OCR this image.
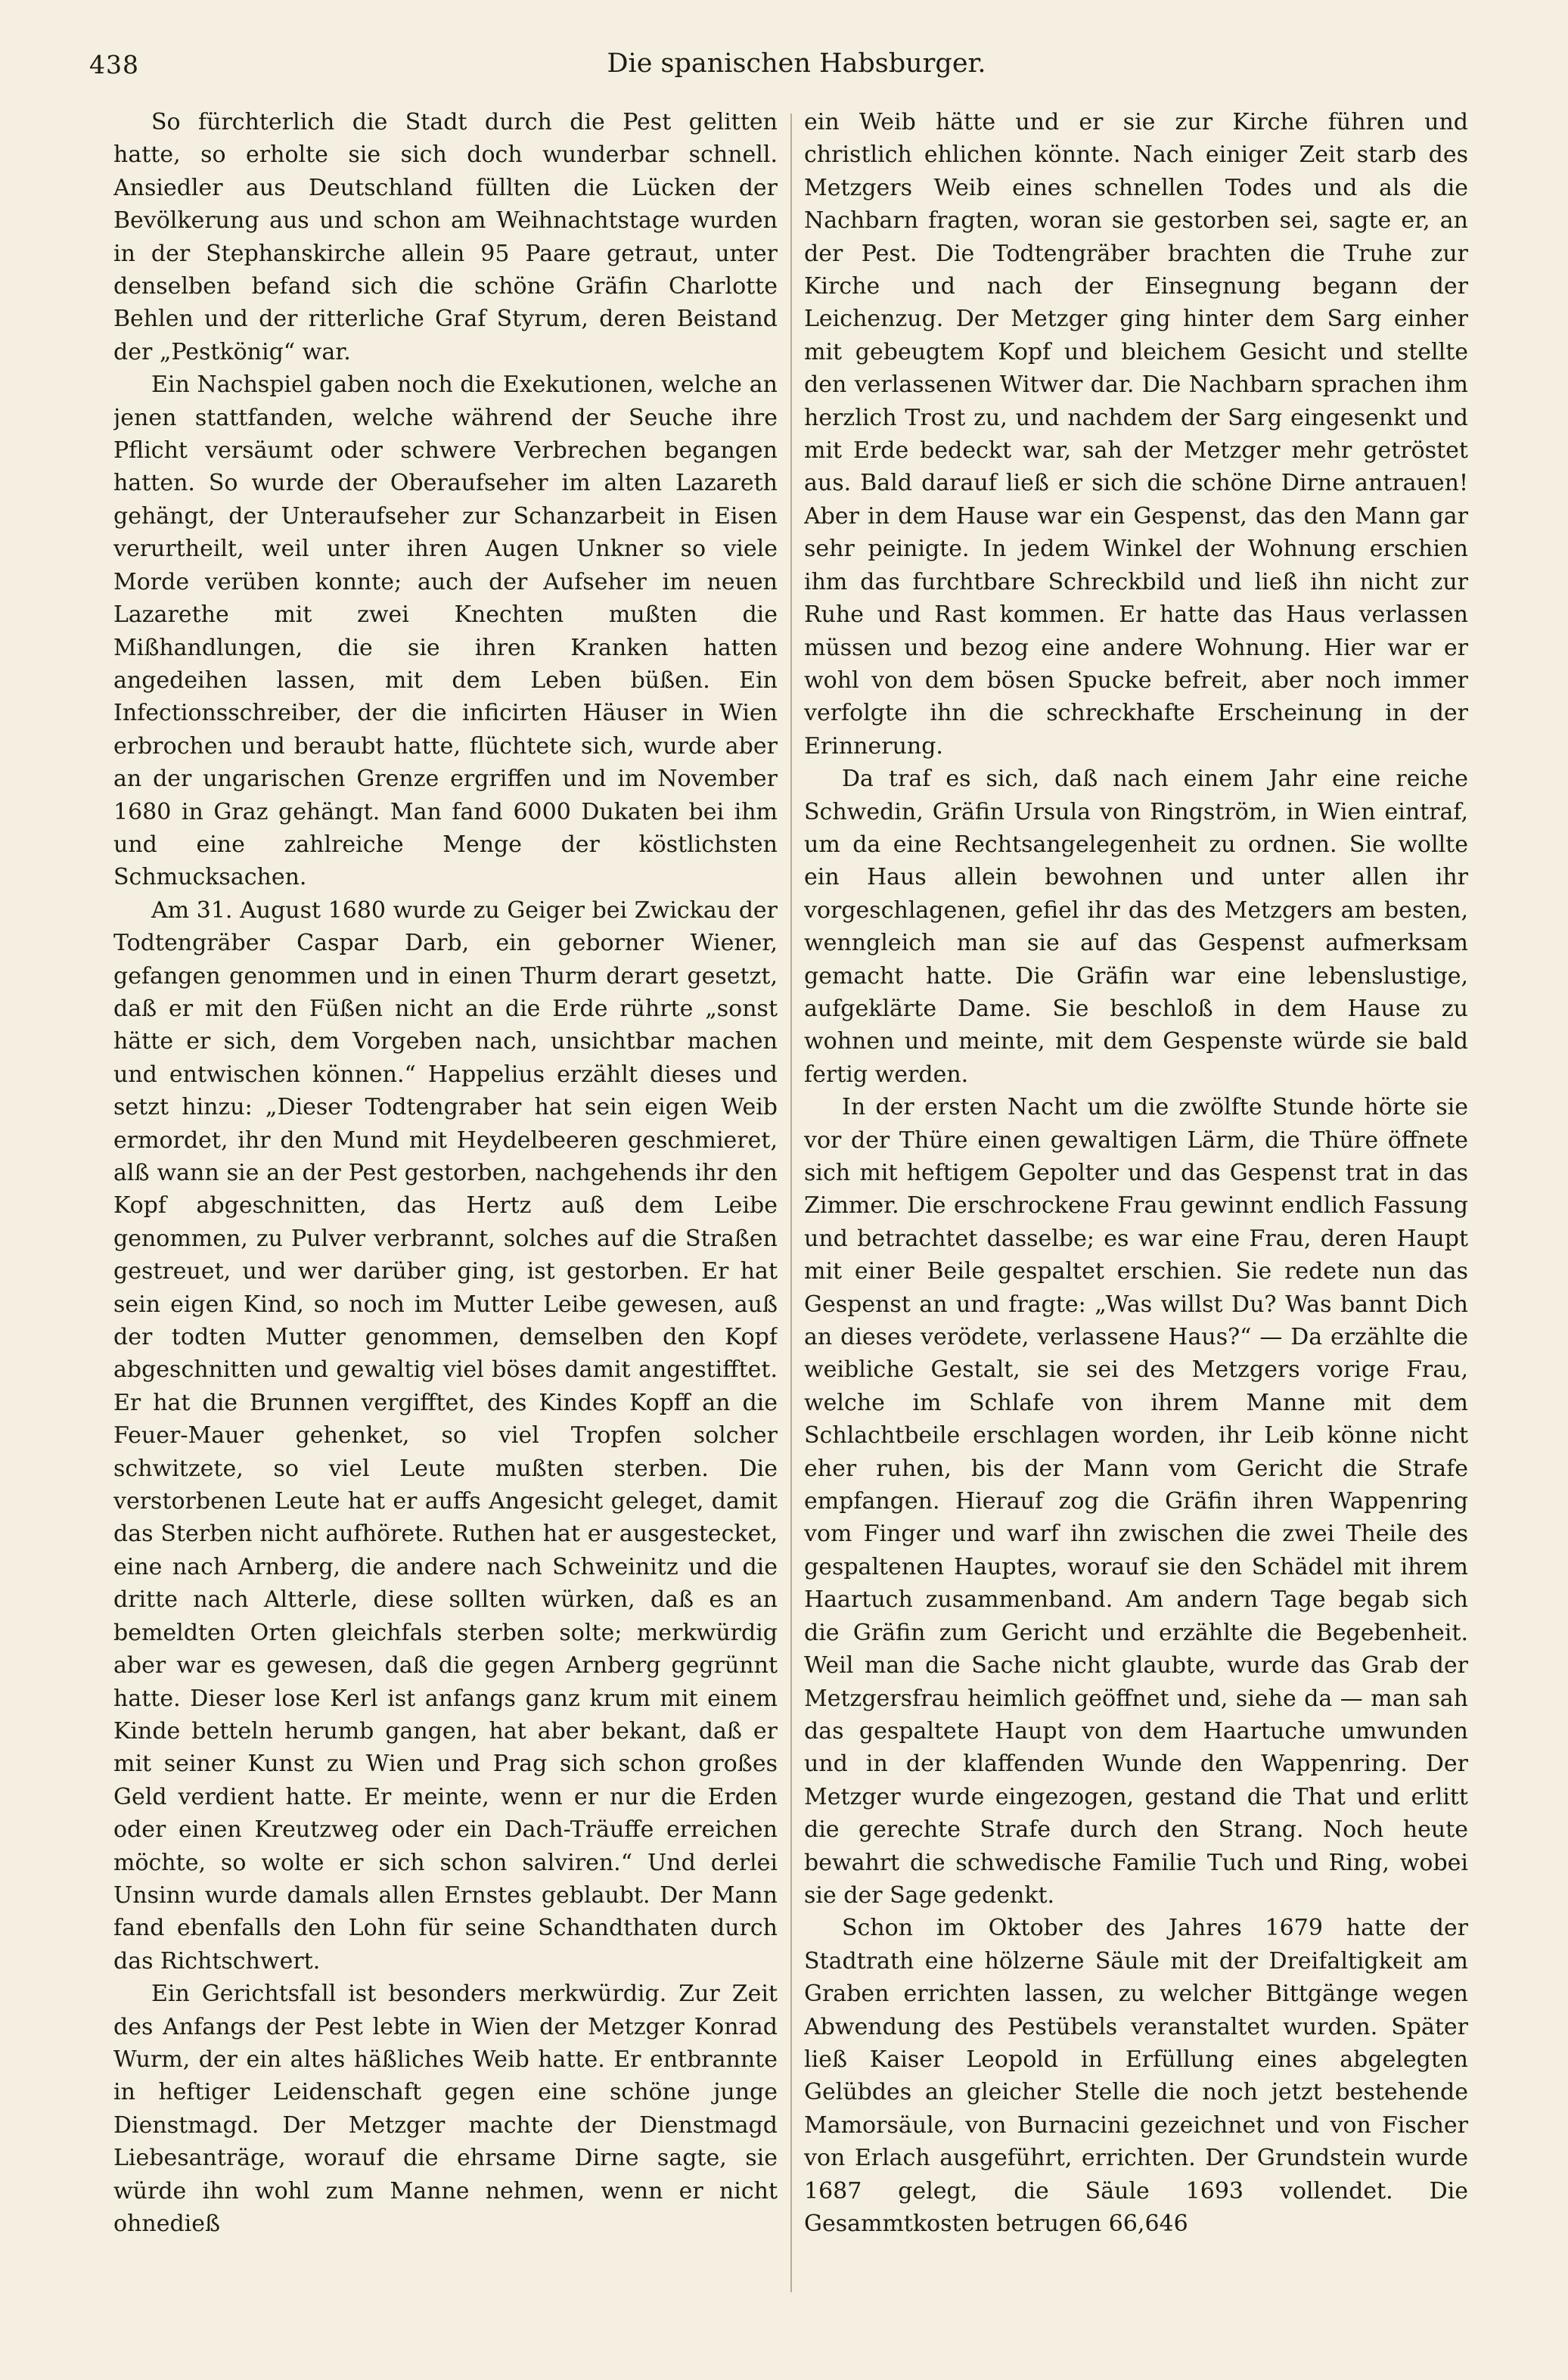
438	Die spanischen Habsburger.

So fürchterlich die Stadt durch die Pest gelitten hatte, so erholte sie sich doch wunderbar schnell. Ansiedler aus Deutschland füllten die Lücken der Bevölkerung aus und schon am Weihnachtstage wurden in der Stephanskirche allein 95 Paare getraut, unter denselben befand sich die schöne Gräfin Charlotte Behlen und der ritterliche Graf Styrum, deren Beistand der „Pestkönig“ war.

Ein Nachspiel gaben noch die Exekutionen, welche an jenen stattfanden, welche während der Seuche ihre Pflicht versäumt oder schwere Verbrechen begangen hatten. So wurde der Oberaufseher im alten Lazareth gehängt, der Unteraufseher zur Schanzarbeit in Eisen verurtheilt, weil unter ihren Augen Unkner so viele Morde verüben konnte; auch der Aufseher im neuen Lazarethe mit zwei Knechten mußten die Mißhandlungen, die sie ihren Kranken hatten angedeihen lassen, mit dem Leben büßen. Ein Infectionsschreiber, der die inficirten Häuser in Wien erbrochen und beraubt hatte, flüchtete sich, wurde aber an der ungarischen Grenze ergriffen und im November 1680 in Graz gehängt. Man fand 6000 Dukaten bei ihm und eine zahlreiche Menge der köstlichsten Schmucksachen.

Am 31. August 1680 wurde zu Geiger bei Zwickau der Todtengräber Caspar Darb, ein geborner Wiener, gefangen genommen und in einen Thurm derart gesetzt, daß er mit den Füßen nicht an die Erde rührte „sonst hätte er sich, dem Vorgeben nach, unsichtbar machen und entwischen können.“ Happelius erzählt dieses und setzt hinzu: „Dieser Todtengraber hat sein eigen Weib ermordet, ihr den Mund mit Heydelbeeren geschmieret, alß wann sie an der Pest gestorben, nachgehends ihr den Kopf abgeschnitten, das Hertz auß dem Leibe genommen, zu Pulver verbrannt, solches auf die Straßen gestreuet, und wer darüber ging, ist gestorben. Er hat sein eigen Kind, so noch im Mutter Leibe gewesen, auß der todten Mutter genommen, demselben den Kopf abgeschnitten und gewaltig viel böses damit angestifftet. Er hat die Brunnen vergifftet, des Kindes Kopff an die Feuer-Mauer gehenket, so viel Tropfen solcher schwitzete, so viel Leute mußten sterben. Die verstorbenen Leute hat er auffs Angesicht geleget, damit das Sterben nicht aufhörete. Ruthen hat er ausgestecket, eine nach Arnberg, die andere nach Schweinitz und die dritte nach Altterle, diese sollten würken, daß es an bemeldten Orten gleichfals sterben solte; merkwürdig aber war es gewesen, daß die gegen Arnberg gegrünnt hatte. Dieser lose Kerl ist anfangs ganz krum mit einem Kinde betteln herumb gangen, hat aber bekant, daß er mit seiner Kunst zu Wien und Prag sich schon großes Geld verdient hatte. Er meinte, wenn er nur die Erden oder einen Kreutzweg oder ein Dach-Träuffe erreichen möchte, so wolte er sich schon salviren.“ Und derlei Unsinn wurde damals allen Ernstes geblaubt. Der Mann fand ebenfalls den Lohn für seine Schandthaten durch das Richtschwert.

Ein Gerichtsfall ist besonders merkwürdig. Zur Zeit des Anfangs der Pest lebte in Wien der Metzger Konrad Wurm, der ein altes häßliches Weib hatte. Er entbrannte in heftiger Leidenschaft gegen eine schöne junge Dienstmagd. Der Metzger machte der Dienstmagd Liebesanträge, worauf die ehrsame Dirne sagte, sie würde ihn wohl zum Manne nehmen, wenn er nicht ohnedieß

ein Weib hätte und er sie zur Kirche führen und christlich ehlichen könnte. Nach einiger Zeit starb des Metzgers Weib eines schnellen Todes und als die Nachbarn fragten, woran sie gestorben sei, sagte er, an der Pest. Die Todtengräber brachten die Truhe zur Kirche und nach der Einsegnung begann der Leichenzug. Der Metzger ging hinter dem Sarg einher mit gebeugtem Kopf und bleichem Gesicht und stellte den verlassenen Witwer dar. Die Nachbarn sprachen ihm herzlich Trost zu, und nachdem der Sarg eingesenkt und mit Erde bedeckt war, sah der Metzger mehr getröstet aus. Bald darauf ließ er sich die schöne Dirne antrauen! Aber in dem Hause war ein Gespenst, das den Mann gar sehr peinigte. In jedem Winkel der Wohnung erschien ihm das furchtbare Schreckbild und ließ ihn nicht zur Ruhe und Rast kommen. Er hatte das Haus verlassen müssen und bezog eine andere Wohnung. Hier war er wohl von dem bösen Spucke befreit, aber noch immer verfolgte ihn die schreckhafte Erscheinung in der Erinnerung.

Da traf es sich, daß nach einem Jahr eine reiche Schwedin, Gräfin Ursula von Ringström, in Wien eintraf, um da eine Rechtsangelegenheit zu ordnen. Sie wollte ein Haus allein bewohnen und unter allen ihr vorgeschlagenen, gefiel ihr das des Metzgers am besten, wenngleich man sie auf das Gespenst aufmerksam gemacht hatte. Die Gräfin war eine lebenslustige, aufgeklärte Dame. Sie beschloß in dem Hause zu wohnen und meinte, mit dem Gespenste würde sie bald fertig werden.

In der ersten Nacht um die zwölfte Stunde hörte sie vor der Thüre einen gewaltigen Lärm, die Thüre öffnete sich mit heftigem Gepolter und das Gespenst trat in das Zimmer. Die erschrockene Frau gewinnt endlich Fassung und betrachtet dasselbe; es war eine Frau, deren Haupt mit einer Beile gespaltet erschien. Sie redete nun das Gespenst an und fragte: „Was willst Du? Was bannt Dich an dieses verödete, verlassene Haus?“ — Da erzählte die weibliche Gestalt, sie sei des Metzgers vorige Frau, welche im Schlafe von ihrem Manne mit dem Schlachtbeile erschlagen worden, ihr Leib könne nicht eher ruhen, bis der Mann vom Gericht die Strafe empfangen. Hierauf zog die Gräfin ihren Wappenring vom Finger und warf ihn zwischen die zwei Theile des gespaltenen Hauptes, worauf sie den Schädel mit ihrem Haartuch zusammenband. Am andern Tage begab sich die Gräfin zum Gericht und erzählte die Begebenheit. Weil man die Sache nicht glaubte, wurde das Grab der Metzgersfrau heimlich geöffnet und, siehe da — man sah das gespaltete Haupt von dem Haartuche umwunden und in der klaffenden Wunde den Wappenring. Der Metzger wurde eingezogen, gestand die That und erlitt die gerechte Strafe durch den Strang. Noch heute bewahrt die schwedische Familie Tuch und Ring, wobei sie der Sage gedenkt.

Schon im Oktober des Jahres 1679 hatte der Stadtrath eine hölzerne Säule mit der Dreifaltigkeit am Graben errichten lassen, zu welcher Bittgänge wegen Abwendung des Pestübels veranstaltet wurden. Später ließ Kaiser Leopold in Erfüllung eines abgelegten Gelübdes an gleicher Stelle die noch jetzt bestehende Mamorsäule, von Burnacini gezeichnet und von Fischer von Erlach ausgeführt, errichten. Der Grundstein wurde 1687 gelegt, die Säule 1693 vollendet. Die Gesammtkosten betrugen 66,646
